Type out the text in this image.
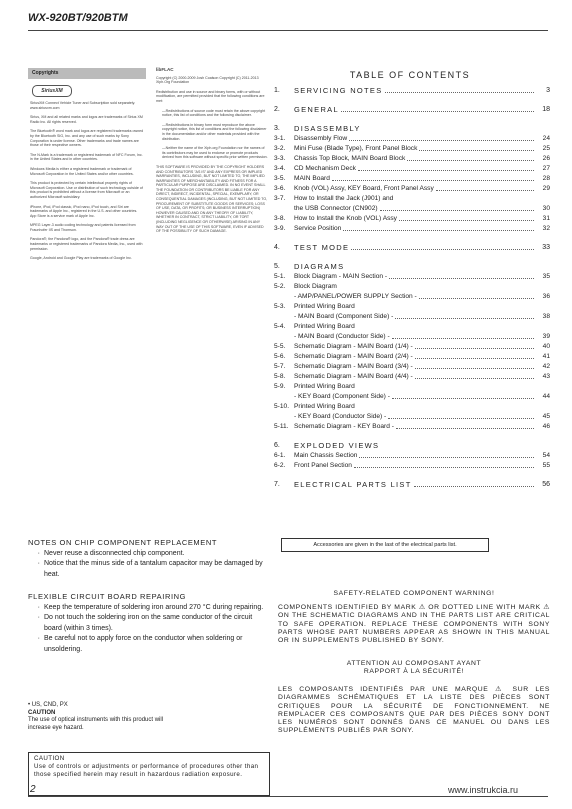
WX-920BT/920BTM
Copyrights
SiriusXM

SiriusXM Connect Vehicle Tuner and Subscription sold separately. www.siriusxm.com

Sirius, XM and all related marks and logos are trademarks of Sirius XM Radio Inc. All rights reserved.

The Bluetooth® word mark and logos are registered trademarks owned by the Bluetooth SIG, Inc. and any use of such marks by Sony Corporation is under license. Other trademarks and trade names are those of their respective owners.

The N-Mark is a trademark or registered trademark of NFC Forum, Inc. in the United States and in other countries.

Windows Media is either a registered trademark or trademark of Microsoft Corporation in the United States and/or other countries.

This product is protected by certain intellectual property rights of Microsoft Corporation. Use or distribution of such technology outside of this product is prohibited without a license from Microsoft or an authorized Microsoft subsidiary.

iPhone, iPod, iPod classic, iPod nano, iPod touch, and Siri are trademarks of Apple Inc., registered in the U.S. and other countries. App Store is a service mark of Apple Inc.

MPEG Layer-3 audio coding technology and patents licensed from Fraunhofer IIS and Thomson.

Pandora®, the Pandora® logo, and the Pandora® trade dress are trademarks or registered trademarks of Pandora Media, Inc., used with permission.

Google, Android and Google Play are trademarks of Google Inc.

libFLAC

Copyright (C) 2000-2009 Josh Coalson Copyright (C) 2011-2013 Xiph.Org Foundation

Redistribution and use in source and binary forms, with or without modification, are permitted provided that the following conditions are met:

—Redistributions of source code must retain the above copyright notice, this list of conditions and the following disclaimer.

—Redistributions in binary form must reproduce the above copyright notice, this list of conditions and the following disclaimer in the documentation and/or other materials provided with the distribution.

—Neither the name of the Xiph.org Foundation nor the names of its contributors may be used to endorse or promote products derived from this software without specific prior written permission.

THIS SOFTWARE IS PROVIDED BY THE COPYRIGHT HOLDERS AND CONTRIBUTORS "AS IS" AND ANY EXPRESS OR IMPLIED WARRANTIES, INCLUDING, BUT NOT LIMITED TO, THE IMPLIED WARRANTIES OF MERCHANTABILITY AND FITNESS FOR A PARTICULAR PURPOSE ARE DISCLAIMED. IN NO EVENT SHALL THE FOUNDATION OR CONTRIBUTORS BE LIABLE FOR ANY DIRECT, INDIRECT, INCIDENTAL, SPECIAL, EXEMPLARY, OR CONSEQUENTIAL DAMAGES (INCLUDING, BUT NOT LIMITED TO, PROCUREMENT OF SUBSTITUTE GOODS OR SERVICES; LOSS OF USE, DATA, OR PROFITS; OR BUSINESS INTERRUPTION) HOWEVER CAUSED AND ON ANY THEORY OF LIABILITY, WHETHER IN CONTRACT, STRICT LIABILITY, OR TORT (INCLUDING NEGLIGENCE OR OTHERWISE) ARISING IN ANY WAY OUT OF THE USE OF THIS SOFTWARE, EVEN IF ADVISED OF THE POSSIBILITY OF SUCH DAMAGE.

TABLE OF CONTENTS
1.	SERVICING NOTES	3
2.	GENERAL	18
3.	DISASSEMBLY
3-1.	Disassembly Flow	24
3-2.	Mini Fuse (Blade Type), Front Panel Block	25
3-3.	Chassis Top Block, MAIN Board Block	26
3-4.	CD Mechanism Deck	27
3-5.	MAIN Board	28
3-6.	Knob (VOL) Assy, KEY Board, Front Panel Assy	29
3-7.	How to Install the Jack (J901) and
the USB Connector (CN902)	30
3-8.	How to Install the Knob (VOL) Assy	31
3-9.	Service Position	32
4.	TEST MODE	33
5.	DIAGRAMS
5-1.	Block Diagram - MAIN Section -	35
5-2.	Block Diagram
- AMP/PANEL/POWER SUPPLY Section -	36
5-3.	Printed Wiring Board
- MAIN Board (Component Side) -	38
5-4.	Printed Wiring Board
- MAIN Board (Conductor Side) -	39
5-5.	Schematic Diagram - MAIN Board (1/4) -	40
5-6.	Schematic Diagram - MAIN Board (2/4) -	41
5-7.	Schematic Diagram - MAIN Board (3/4) -	42
5-8.	Schematic Diagram - MAIN Board (4/4) -	43
5-9.	Printed Wiring Board
- KEY Board (Component Side) -	44
5-10. Printed Wiring Board
- KEY Board (Conductor Side) -	45
5-11. Schematic Diagram - KEY Board -	46
6.	EXPLODED VIEWS
6-1.	Main Chassis Section	54
6-2.	Front Panel Section	55
7.	ELECTRICAL PARTS LIST	56
Accessories are given in the last of the electrical parts list.
NOTES ON CHIP COMPONENT REPLACEMENT
· Never reuse a disconnected chip component.
· Notice that the minus side of a tantalum capacitor may be damaged by heat.
FLEXIBLE CIRCUIT BOARD REPAIRING
· Keep the temperature of soldering iron around 270 °C during repairing.
· Do not touch the soldering iron on the same conductor of the circuit board (within 3 times).
· Be careful not to apply force on the conductor when soldering or unsoldering.
• US, CND, PX
CAUTION
The use of optical instruments with this product will increase eye hazard.
CAUTION
Use of controls or adjustments or performance of procedures other than those specified herein may result in hazardous radiation exposure.
SAFETY-RELATED COMPONENT WARNING!
COMPONENTS IDENTIFIED BY MARK ⚠ OR DOTTED LINE WITH MARK ⚠ ON THE SCHEMATIC DIAGRAMS AND IN THE PARTS LIST ARE CRITICAL TO SAFE OPERATION. REPLACE THESE COMPONENTS WITH SONY PARTS WHOSE PART NUMBERS APPEAR AS SHOWN IN THIS MANUAL OR IN SUPPLEMENTS PUBLISHED BY SONY.
ATTENTION AU COMPOSANT AYANT RAPPORT À LA SÉCURITÉ!
LES COMPOSANTS IDENTIFIÉS PAR UNE MARQUE ⚠ SUR LES DIAGRAMMES SCHÉMATIQUES ET LA LISTE DES PIÈCES SONT CRITIQUES POUR LA SÉCURITÉ DE FONCTIONNEMENT. NE REMPLACER CES COMPOSANTS QUE PAR DES PIÈCES SONY DONT LES NUMÉROS SONT DONNÉS DANS CE MANUEL OU DANS LES SUPPLÉMENTS PUBLIÉS PAR SONY.
2	www.instrukcia.ru
